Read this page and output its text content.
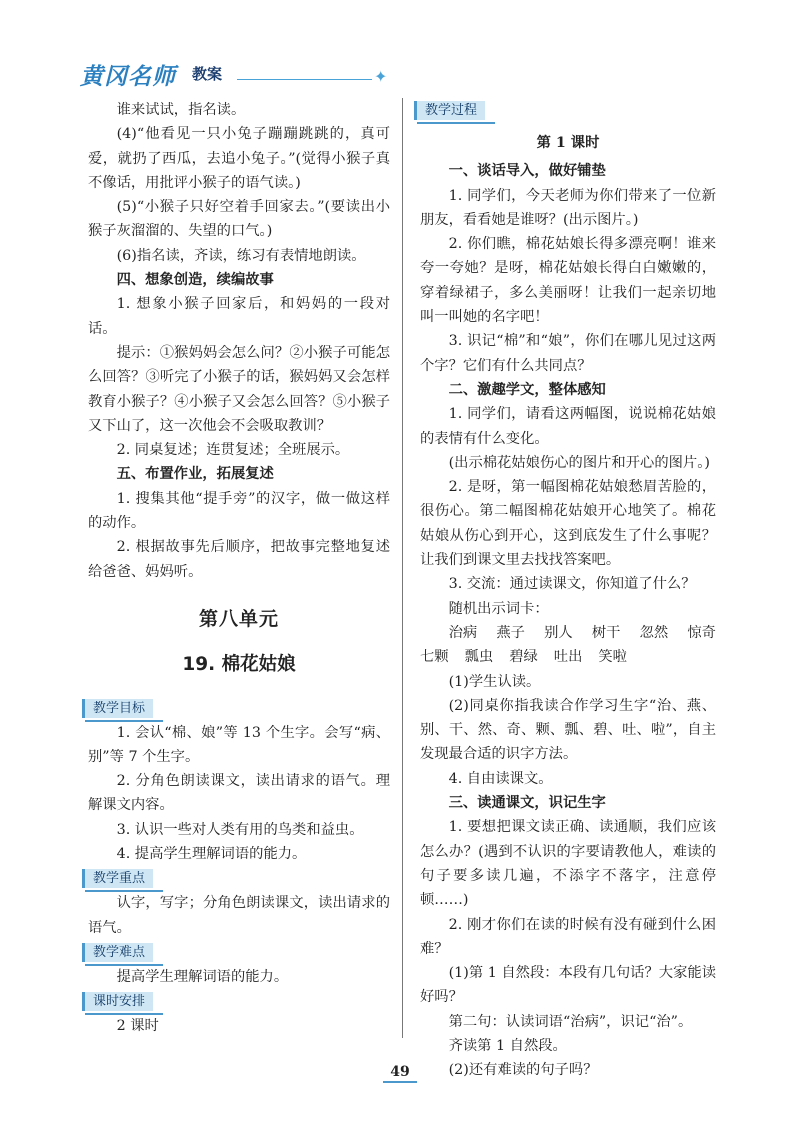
黄冈名师 教案	✦

谁来试试，指名读。

(4)“他看见一只小兔子蹦蹦跳跳的，真可爱，就扔了西瓜，去追小兔子。”(觉得小猴子真不像话，用批评小猴子的语气读。)

(5)“小猴子只好空着手回家去。”(要读出小猴子灰溜溜的、失望的口气。)

(6)指名读，齐读，练习有表情地朗读。

四、想象创造，续编故事

1. 想象小猴子回家后，和妈妈的一段对话。

提示：①猴妈妈会怎么问？②小猴子可能怎么回答？③听完了小猴子的话，猴妈妈又会怎样教育小猴子？④小猴子又会怎么回答？⑤小猴子又下山了，这一次他会不会吸取教训？

2. 同桌复述；连贯复述；全班展示。

五、布置作业，拓展复述

1. 搜集其他“提手旁”的汉字，做一做这样的动作。

2. 根据故事先后顺序，把故事完整地复述给爸爸、妈妈听。

第八单元
19. 棉花姑娘
教学目标

1. 会认“棉、娘”等 13 个生字。会写“病、别”等 7 个生字。

2. 分角色朗读课文，读出请求的语气。理解课文内容。

3. 认识一些对人类有用的鸟类和益虫。

4. 提高学生理解词语的能力。

教学重点

认字，写字；分角色朗读课文，读出请求的语气。

教学难点

提高学生理解词语的能力。

课时安排

2 课时

教学过程
第 1 课时

一、谈话导入，做好铺垫

1. 同学们，今天老师为你们带来了一位新朋友，看看她是谁呀？(出示图片。)

2. 你们瞧，棉花姑娘长得多漂亮啊！谁来夸一夸她？是呀，棉花姑娘长得白白嫩嫩的，穿着绿裙子，多么美丽呀！让我们一起亲切地叫一叫她的名字吧！

3. 识记“棉”和“娘”，你们在哪儿见过这两个字？它们有什么共同点？

二、激趣学文，整体感知

1. 同学们，请看这两幅图，说说棉花姑娘的表情有什么变化。

(出示棉花姑娘伤心的图片和开心的图片。)

2. 是呀，第一幅图棉花姑娘愁眉苦脸的，很伤心。第二幅图棉花姑娘开心地笑了。棉花姑娘从伤心到开心，这到底发生了什么事呢？让我们到课文里去找找答案吧。

3. 交流：通过读课文，你知道了什么？

随机出示词卡：

治病 燕子 别人 树干 忽然 惊奇
七颗 瓢虫 碧绿 吐出 笑啦

(1)学生认读。

(2)同桌你指我读合作学习生字“治、燕、别、干、然、奇、颗、瓢、碧、吐、啦”，自主发现最合适的识字方法。

4. 自由读课文。

三、读通课文，识记生字

1. 要想把课文读正确、读通顺，我们应该怎么办？(遇到不认识的字要请教他人，难读的句子要多读几遍，不添字不落字，注意停顿……)

2. 刚才你们在读的时候有没有碰到什么困难？

(1)第 1 自然段：本段有几句话？大家能读好吗？

第二句：认读词语“治病”，识记“治”。

齐读第 1 自然段。

(2)还有难读的句子吗？

49
